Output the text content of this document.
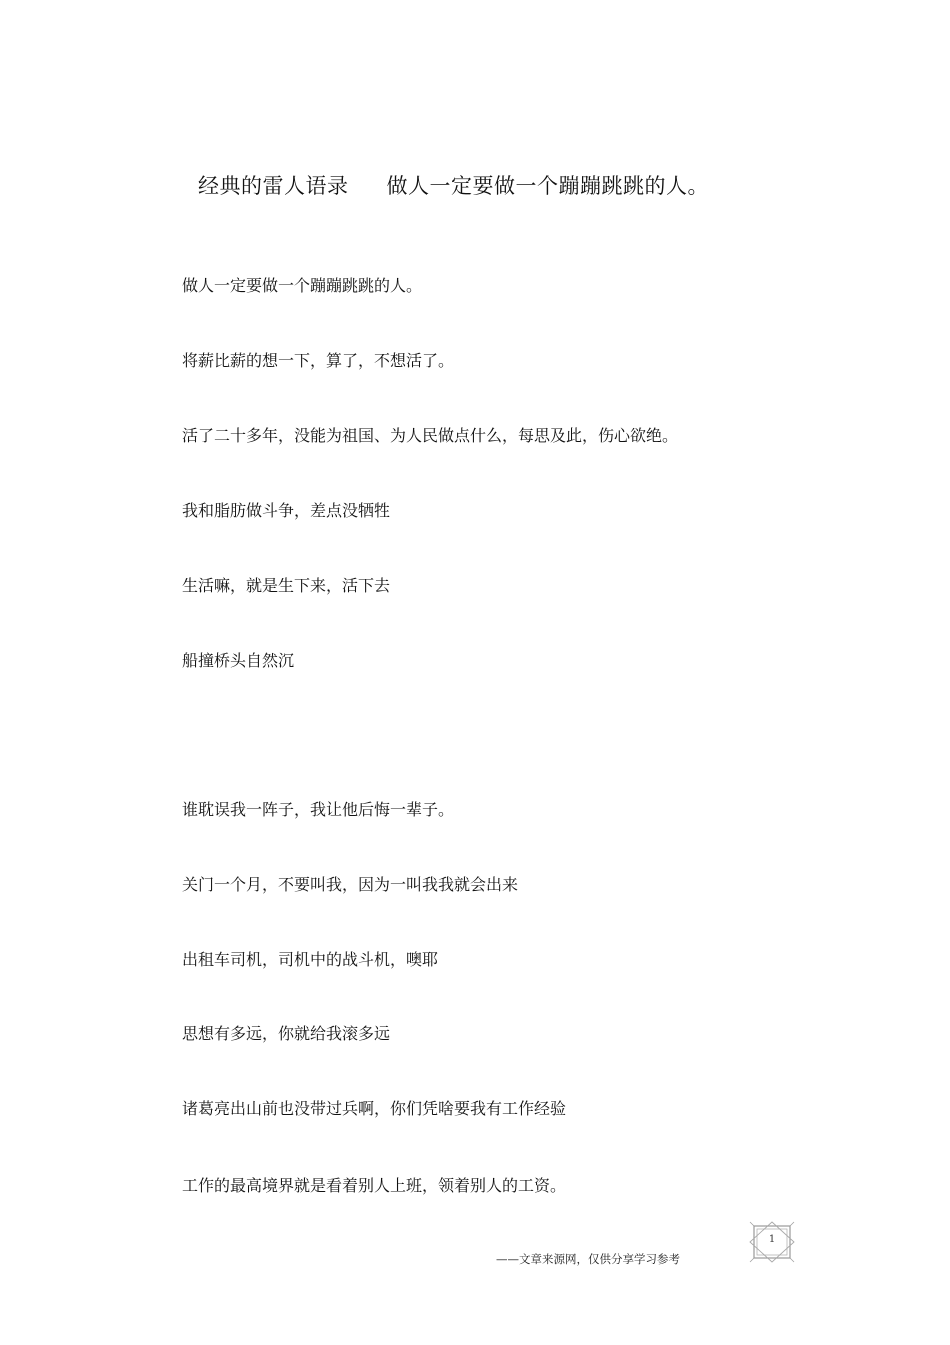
经典的雷人语录 做人一定要做一个蹦蹦跳跳的人。
做人一定要做一个蹦蹦跳跳的人。
将薪比薪的想一下，算了，不想活了。
活了二十多年，没能为祖国、为人民做点什么，每思及此，伤心欲绝。
我和脂肪做斗争，差点没牺牲
生活嘛，就是生下来，活下去
船撞桥头自然沉
谁耽误我一阵子，我让他后悔一辈子。
关门一个月，不要叫我，因为一叫我我就会出来
出租车司机，司机中的战斗机，噢耶
思想有多远，你就给我滚多远
诸葛亮出山前也没带过兵啊，你们凭啥要我有工作经验
工作的最高境界就是看着别人上班，领着别人的工资。
——文章来源网，仅供分享学习参考
1
